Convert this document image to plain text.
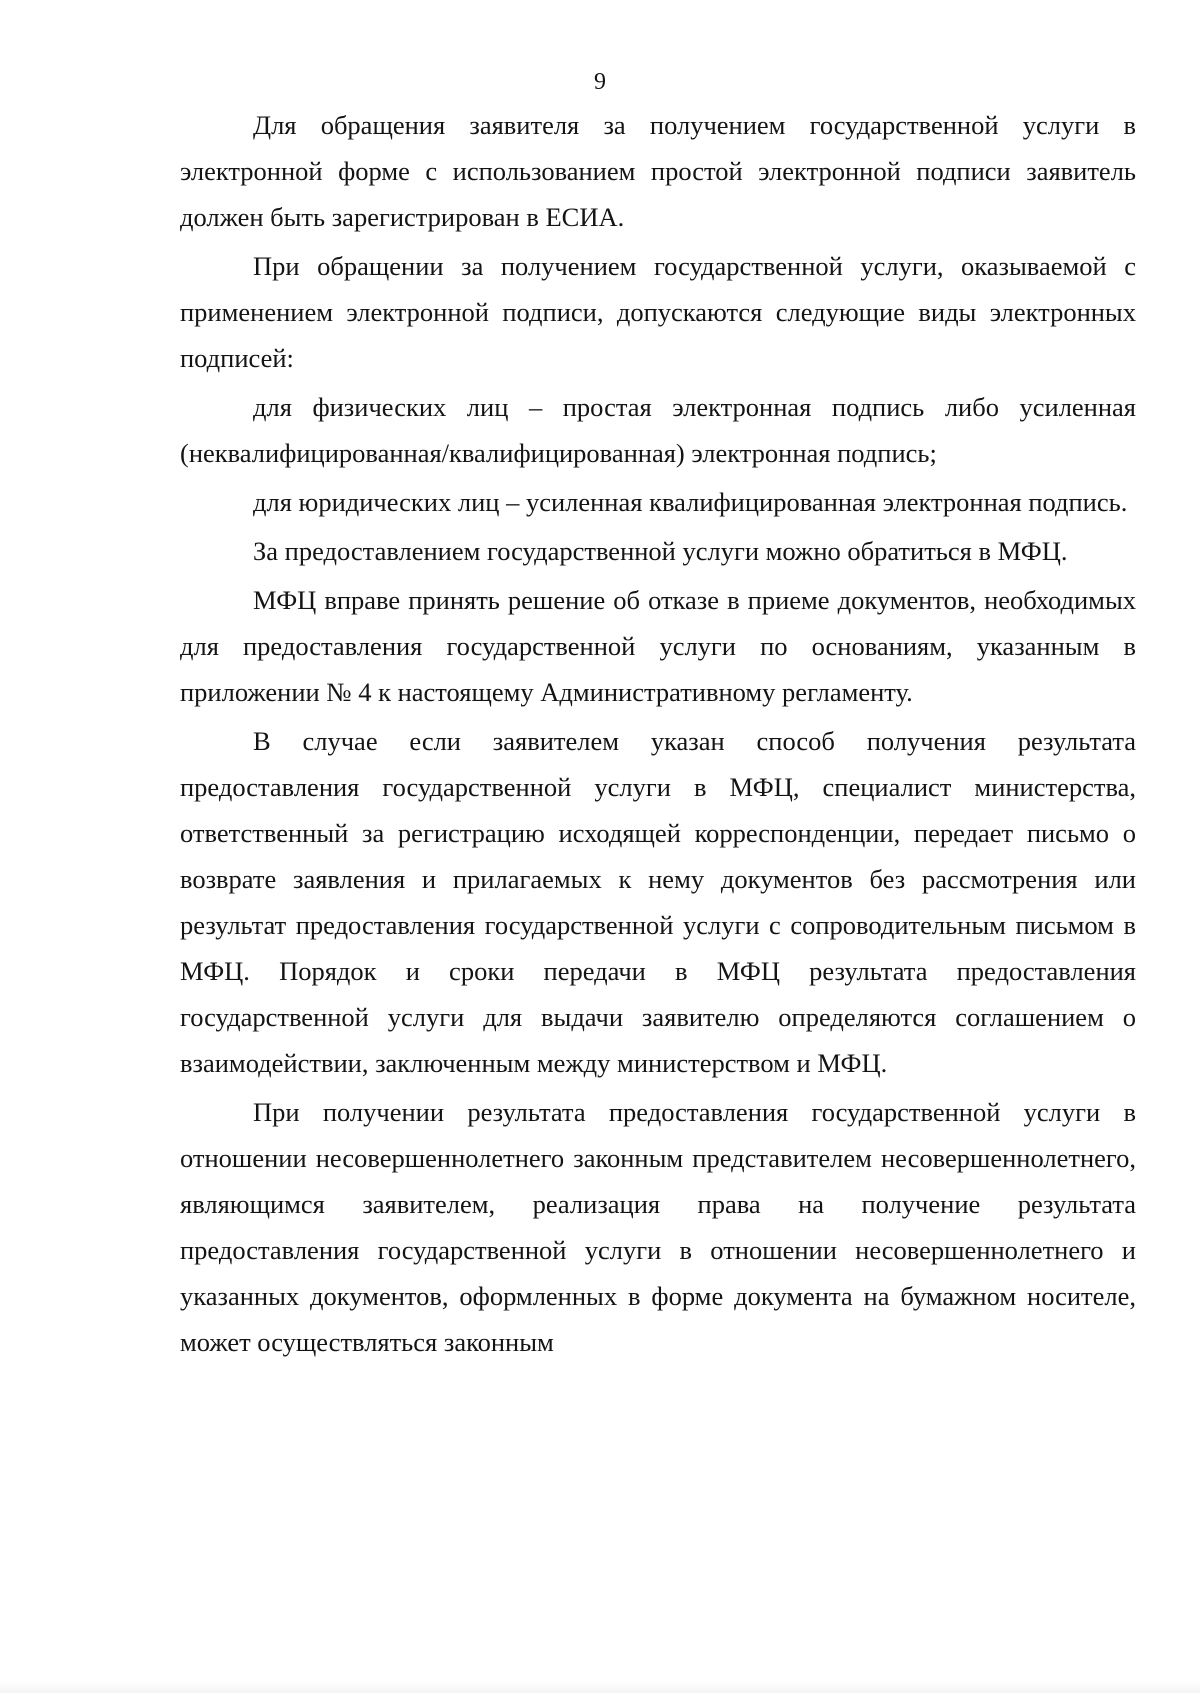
9

Для обращения заявителя за получением государственной услуги в электронной форме с использованием простой электронной подписи заявитель должен быть зарегистрирован в ЕСИА.

При обращении за получением государственной услуги, оказываемой с применением электронной подписи, допускаются следующие виды электронных подписей:

для физических лиц – простая электронная подпись либо усиленная (неквалифицированная/квалифицированная) электронная подпись;

для юридических лиц – усиленная квалифицированная электронная подпись.

За предоставлением государственной услуги можно обратиться в МФЦ.

МФЦ вправе принять решение об отказе в приеме документов, необходимых для предоставления государственной услуги по основаниям, указанным в приложении № 4 к настоящему Административному регламенту.

В случае если заявителем указан способ получения результата предоставления государственной услуги в МФЦ, специалист министерства, ответственный за регистрацию исходящей корреспонденции, передает письмо о возврате заявления и прилагаемых к нему документов без рассмотрения или результат предоставления государственной услуги с сопроводительным письмом в МФЦ. Порядок и сроки передачи в МФЦ результата предоставления государственной услуги для выдачи заявителю определяются соглашением о взаимодействии, заключенным между министерством и МФЦ.

При получении результата предоставления государственной услуги в отношении несовершеннолетнего законным представителем несовершеннолетнего, являющимся заявителем, реализация права на получение результата предоставления государственной услуги в отношении несовершеннолетнего и указанных документов, оформленных в форме документа на бумажном носителе, может осуществляться законным
